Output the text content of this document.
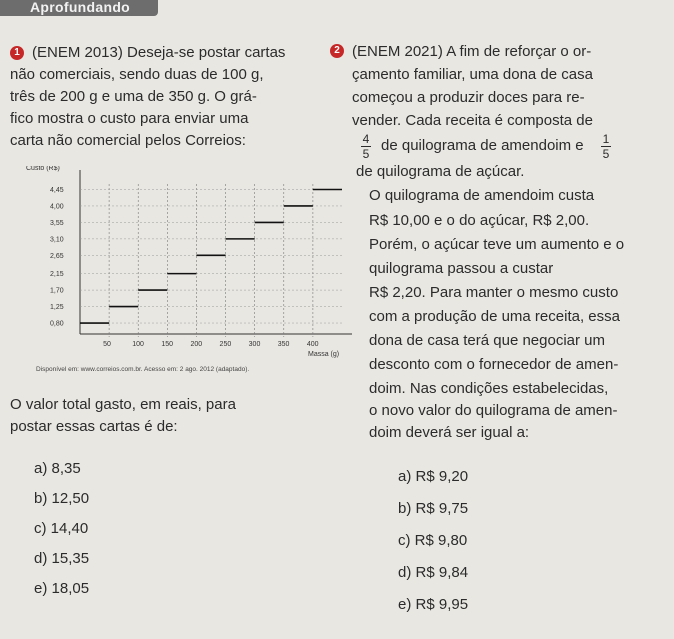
Aprofundando
1 (ENEM 2013) Deseja-se postar cartas
não comerciais, sendo duas de 100 g,
três de 200 g e uma de 350 g. O grá-
fico mostra o custo para enviar uma
carta não comercial pelos Correios:
Custo (R$)
Massa (g)
50	100 150 200 250 300 350 400
4,45
4,00
3,55
3,10
2,65
2,15
1,70
1,25
0,80
Disponível em: www.correios.com.br. Acesso em: 2 ago. 2012 (adaptado).
O valor total gasto, em reais, para
postar essas cartas é de:
a) 8,35
b) 12,50
c) 14,40
d) 15,35
e) 18,05
2 (ENEM 2021) A fim de reforçar o or-
çamento familiar, uma dona de casa
começou a produzir doces para re-
vender. Cada receita é composta de
4
5 de quilograma de amendoim e 1
5
de quilograma de açúcar.
O quilograma de amendoim custa
R$ 10,00 e o do açúcar, R$ 2,00.
Porém, o açúcar teve um aumento e o
quilograma passou a custar
R$ 2,20. Para manter o mesmo custo
com a produção de uma receita, essa
dona de casa terá que negociar um
desconto com o fornecedor de amen-
doim. Nas condições estabelecidas,
o novo valor do quilograma de amen-
doim deverá ser igual a:
a) R$ 9,20
b) R$ 9,75
c) R$ 9,80
d) R$ 9,84
e) R$ 9,95
